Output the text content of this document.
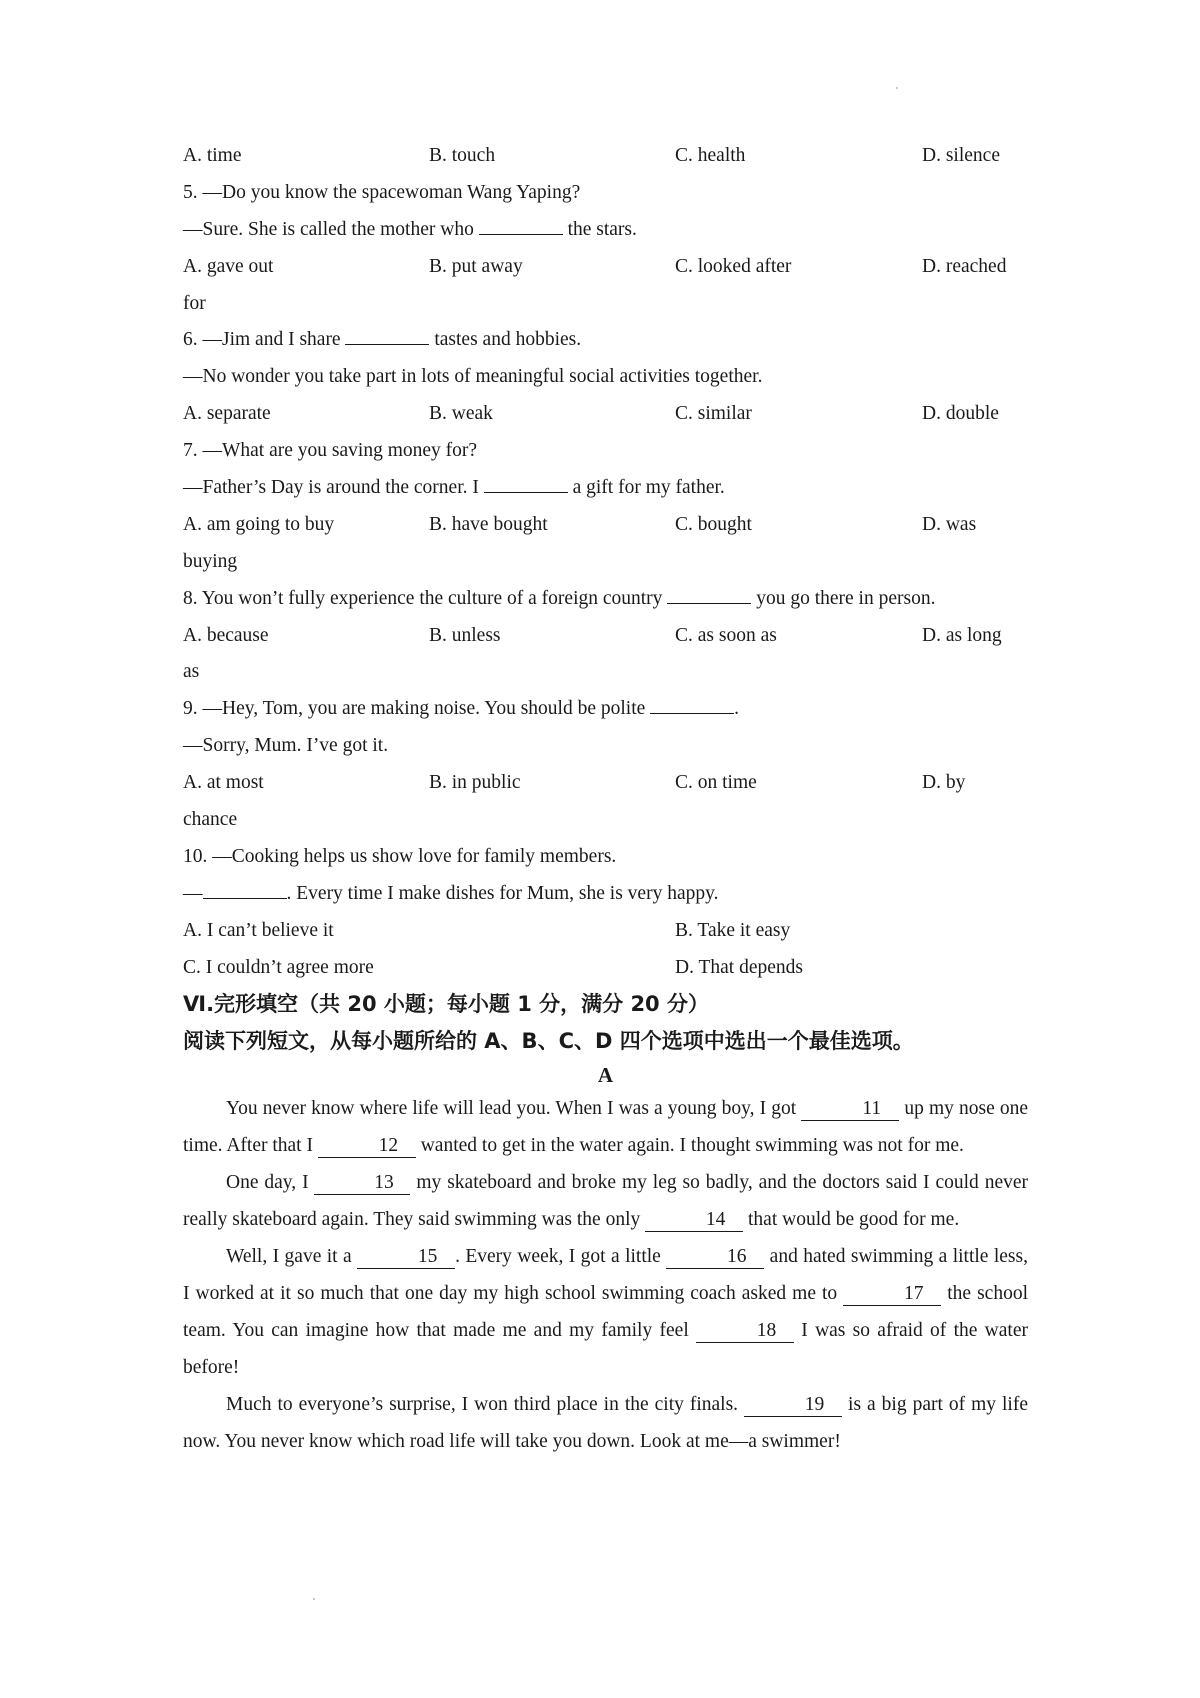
A. time	B. touch	C. health	D. silence
5. —Do you know the spacewoman Wang Yaping?
—Sure. She is called the mother who	the stars.
A. gave out	B. put away	C. looked after	D. reached
for
6. —Jim and I share	tastes and hobbies.
—No wonder you take part in lots of meaningful social activities together.
A. separate	B. weak	C. similar	D. double
7. —What are you saving money for?
—Father’s Day is around the corner. I	a gift for my father.
A. am going to buy	B. have bought	C. bought	D. was
buying
8. You won’t fully experience the culture of a foreign country	you go there in person.
A. because	B. unless	C. as soon as	D. as long
as
9. —Hey, Tom, you are making noise. You should be polite	.
—Sorry, Mum. I’ve got it.
A. at most	B. in public	C. on time	D. by
chance
10. —Cooking helps us show love for family members.
—	. Every time I make dishes for Mum, she is very happy.
A. I can’t believe it	B. Take it easy
C. I couldn’t agree more	D. That depends
Ⅵ.完形填空（共 20 小题；每小题 1 分，满分 20 分）
阅读下列短文，从每小题所给的 A、B、C、D 四个选项中选出一个最佳选项。
A
You never know where life will lead you. When I was a young boy, I got	11 up my nose one time. After that I	12 wanted to get in the water again. I thought swimming was not for me.
One day, I	13 my skateboard and broke my leg so badly, and the doctors said I could never really skateboard again. They said swimming was the only	14 that would be good for me.
Well, I gave it a	15 . Every week, I got a little	16 and hated swimming a little less, I worked at it so much that one day my high school swimming coach asked me to	17 the school team. You can imagine how that made me and my family feel	18 I was so afraid of the water before!
Much to everyone’s surprise, I won third place in the city finals.	19 is a big part of my life now. You never know which road life will take you down. Look at me—a swimmer!
